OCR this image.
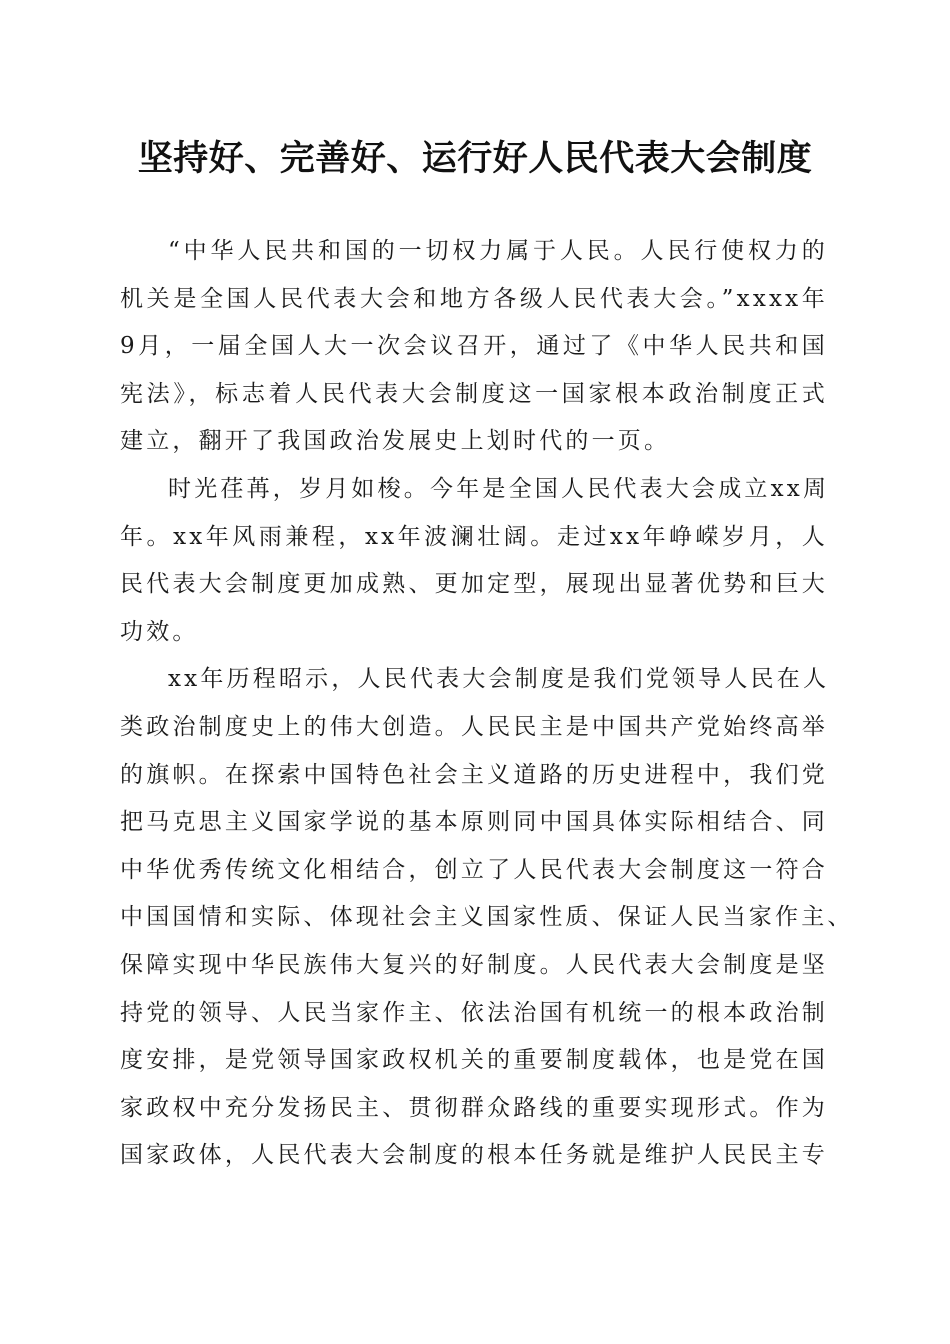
坚持好、完善好、运行好人民代表大会制度
“中华人民共和国的一切权力属于人民。人民行使权力的
机关是全国人民代表大会和地方各级人民代表大会。”xxxx年
9月，一届全国人大一次会议召开，通过了《中华人民共和国
宪法》，标志着人民代表大会制度这一国家根本政治制度正式
建立，翻开了我国政治发展史上划时代的一页。
时光荏苒，岁月如梭。今年是全国人民代表大会成立xx周
年。xx年风雨兼程，xx年波澜壮阔。走过xx年峥嵘岁月，人
民代表大会制度更加成熟、更加定型，展现出显著优势和巨大
功效。
xx年历程昭示，人民代表大会制度是我们党领导人民在人
类政治制度史上的伟大创造。人民民主是中国共产党始终高举
的旗帜。在探索中国特色社会主义道路的历史进程中，我们党
把马克思主义国家学说的基本原则同中国具体实际相结合、同
中华优秀传统文化相结合，创立了人民代表大会制度这一符合
中国国情和实际、体现社会主义国家性质、保证人民当家作主、
保障实现中华民族伟大复兴的好制度。人民代表大会制度是坚
持党的领导、人民当家作主、依法治国有机统一的根本政治制
度安排，是党领导国家政权机关的重要制度载体，也是党在国
家政权中充分发扬民主、贯彻群众路线的重要实现形式。作为
国家政体，人民代表大会制度的根本任务就是维护人民民主专
